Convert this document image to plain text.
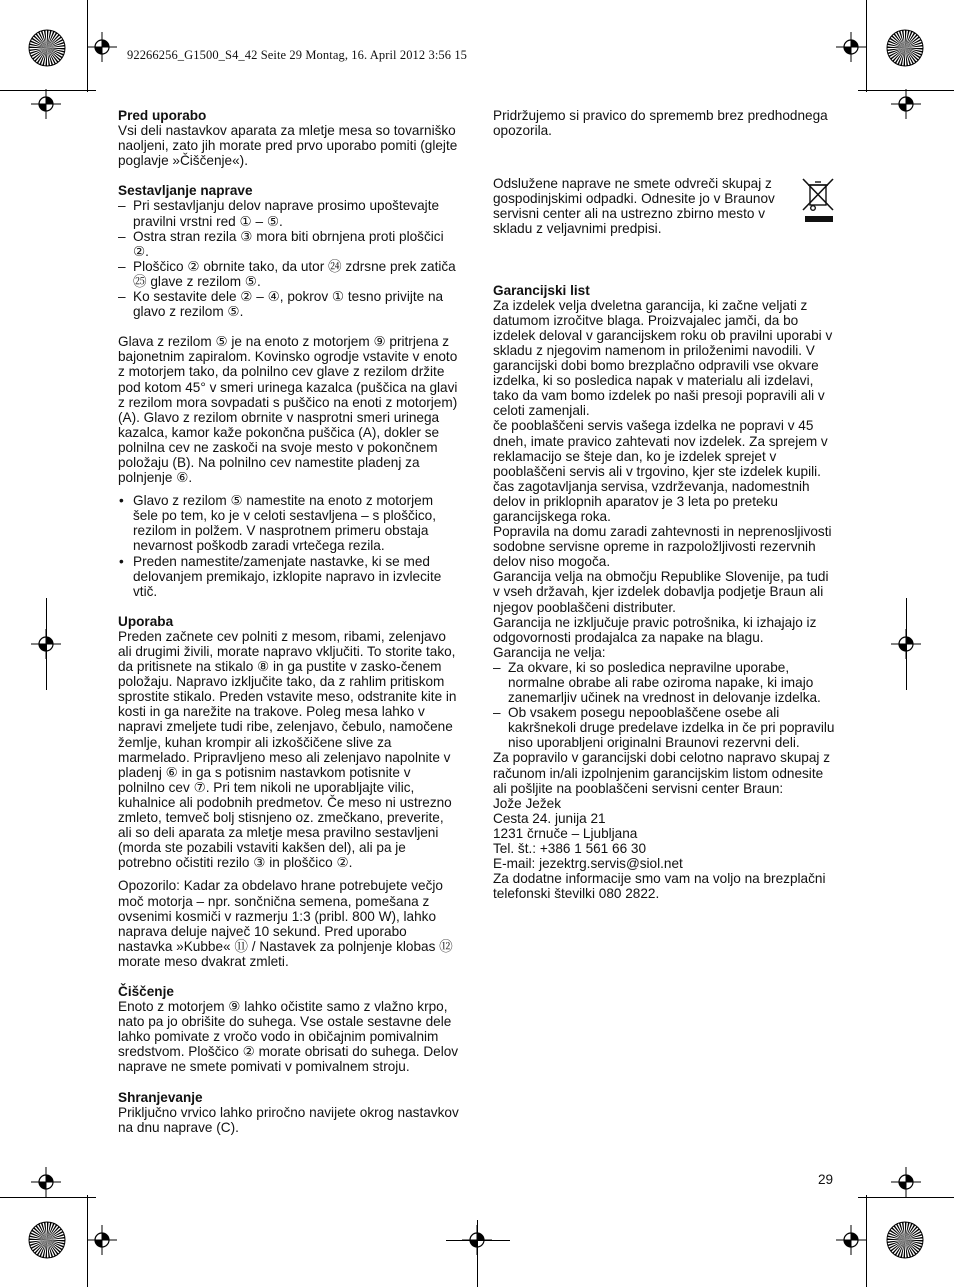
92266256_G1500_S4_42 Seite 29 Montag, 16. April 2012 3:56 15
Pred uporabo

Vsi deli nastavkov aparata za mletje mesa so tovarniško naoljeni, zato jih morate pred prvo uporabo pomiti (glejte poglavje »Čiščenje«).

Sestavljanje naprave
– Pri sestavljanju delov naprave prosimo upoštevajte pravilni vrstni red ① – ⑤.
– Ostra stran rezila ③ mora biti obrnjena proti ploščici ②.
– Ploščico ② obrnite tako, da utor ㉔ zdrsne prek zatiča ㉕ glave z rezilom ⑤.
– Ko sestavite dele ② – ④, pokrov ① tesno privijte na glavo z rezilom ⑤.

Glava z rezilom ⑤ je na enoto z motorjem ⑨ pritrjena z bajonetnim zapiralom. Kovinsko ogrodje vstavite v enoto z motorjem tako, da polnilno cev glave z rezilom držite pod kotom 45° v smeri urinega kazalca (puščica na glavi z rezilom mora sovpadati s puščico na enoti z motorjem) (A). Glavo z rezilom obrnite v nasprotni smeri urinega kazalca, kamor kaže pokončna puščica (A), dokler se polnilna cev ne zaskoči na svoje mesto v pokončnem položaju (B). Na polnilno cev namestite pladenj za polnjenje ⑥.

• Glavo z rezilom ⑤ namestite na enoto z motorjem šele po tem, ko je v celoti sestavljena – s ploščico, rezilom in polžem. V nasprotnem primeru obstaja nevarnost poškodb zaradi vrtečega rezila.
• Preden namestite/zamenjate nastavke, ki se med delovanjem premikajo, izklopite napravo in izvlecite vtič.
Uporaba

Preden začnete cev polniti z mesom, ribami, zelenjavo ali drugimi živili, morate napravo vključiti. To storite tako, da pritisnete na stikalo ⑧ in ga pustite v zasko-čenem položaju. Napravo izključite tako, da z rahlim pritiskom sprostite stikalo. Preden vstavite meso, odstranite kite in kosti in ga narežite na trakove. Poleg mesa lahko v napravi zmeljete tudi ribe, zelenjavo, čebulo, namočene žemlje, kuhan krompir ali izkoščičene slive za marmelado. Pripravljeno meso ali zelenjavo napolnite v pladenj ⑥ in ga s potisnim nastavkom potisnite v polnilno cev ⑦. Pri tem nikoli ne uporabljajte vilic, kuhalnice ali podobnih predmetov. Če meso ni ustrezno zmleto, temveč bolj stisnjeno oz. zmečkano, preverite, ali so deli aparata za mletje mesa pravilno sestavljeni (morda ste pozabili vstaviti kakšen del), ali pa je potrebno očistiti rezilo ③ in ploščico ②.

Opozorilo: Kadar za obdelavo hrane potrebujete večjo moč motorja – npr. sončnična semena, pomešana z ovsenimi kosmiči v razmerju 1:3 (pribl. 800 W), lahko naprava deluje največ 10 sekund. Pred uporabo nastavka »Kubbe« ⑪ / Nastavek za polnjenje klobas ⑫ morate meso dvakrat zmleti.

Čiščenje

Enoto z motorjem ⑨ lahko očistite samo z vlažno krpo, nato pa jo obrišite do suhega. Vse ostale sestavne dele lahko pomivate z vročo vodo in običajnim pomivalnim sredstvom. Ploščico ② morate obrisati do suhega. Delov naprave ne smete pomivati v pomivalnem stroju.

Shranjevanje

Priključno vrvico lahko priročno navijete okrog nastavkov na dnu naprave (C).

Pridržujemo si pravico do sprememb brez predhodnega opozorila.

Odslužene naprave ne smete odvreči skupaj z gospodinjskimi odpadki. Odnesite jo v Braunov servisni center ali na ustrezno zbirno mesto v skladu z veljavnimi predpisi.

Garancijski list

Za izdelek velja dveletna garancija, ki začne veljati z datumom izročitve blaga. Proizvajalec jamči, da bo izdelek deloval v garancijskem roku ob pravilni uporabi v skladu z njegovim namenom in priloženimi navodili. V garancijski dobi bomo brezplačno odpravili vse okvare izdelka, ki so posledica napak v materialu ali izdelavi, tako da vam bomo izdelek po naši presoji popravili ali v celoti zamenjali.

če pooblaščeni servis vašega izdelka ne popravi v 45 dneh, imate pravico zahtevati nov izdelek. Za sprejem v reklamacijo se šteje dan, ko je izdelek sprejet v pooblaščeni servis ali v trgovino, kjer ste izdelek kupili.

čas zagotavljanja servisa, vzdrževanja, nadomestnih delov in priklopnih aparatov je 3 leta po preteku garancijskega roka.

Popravila na domu zaradi zahtevnosti in neprenosljivosti sodobne servisne opreme in razpoložljivosti rezervnih delov niso mogoča.

Garancija velja na območju Republike Slovenije, pa tudi v vseh državah, kjer izdelek dobavlja podjetje Braun ali njegov pooblaščeni distributer.

Garancija ne izključuje pravic potrošnika, ki izhajajo iz odgovornosti prodajalca za napake na blagu.

Garancija ne velja:

– Za okvare, ki so posledica nepravilne uporabe, normalne obrabe ali rabe oziroma napake, ki imajo zanemarljiv učinek na vrednost in delovanje izdelka.
– Ob vsakem posegu nepooblaščene osebe ali kakršnekoli druge predelave izdelka in če pri popravilu niso uporabljeni originalni Braunovi rezervni deli.

Za popravilo v garancijski dobi celotno napravo skupaj z računom in/ali izpolnjenim garancijskim listom odnesite ali pošljite na pooblaščeni servisni center Braun:

Jože Ježek

Cesta 24. junija 21

1231 črnuče – Ljubljana

Tel. št.: +386 1 561 66 30

E-mail: jezektrg.servis@siol.net

Za dodatne informacije smo vam na voljo na brezplačni telefonski številki 080 2822.

29
